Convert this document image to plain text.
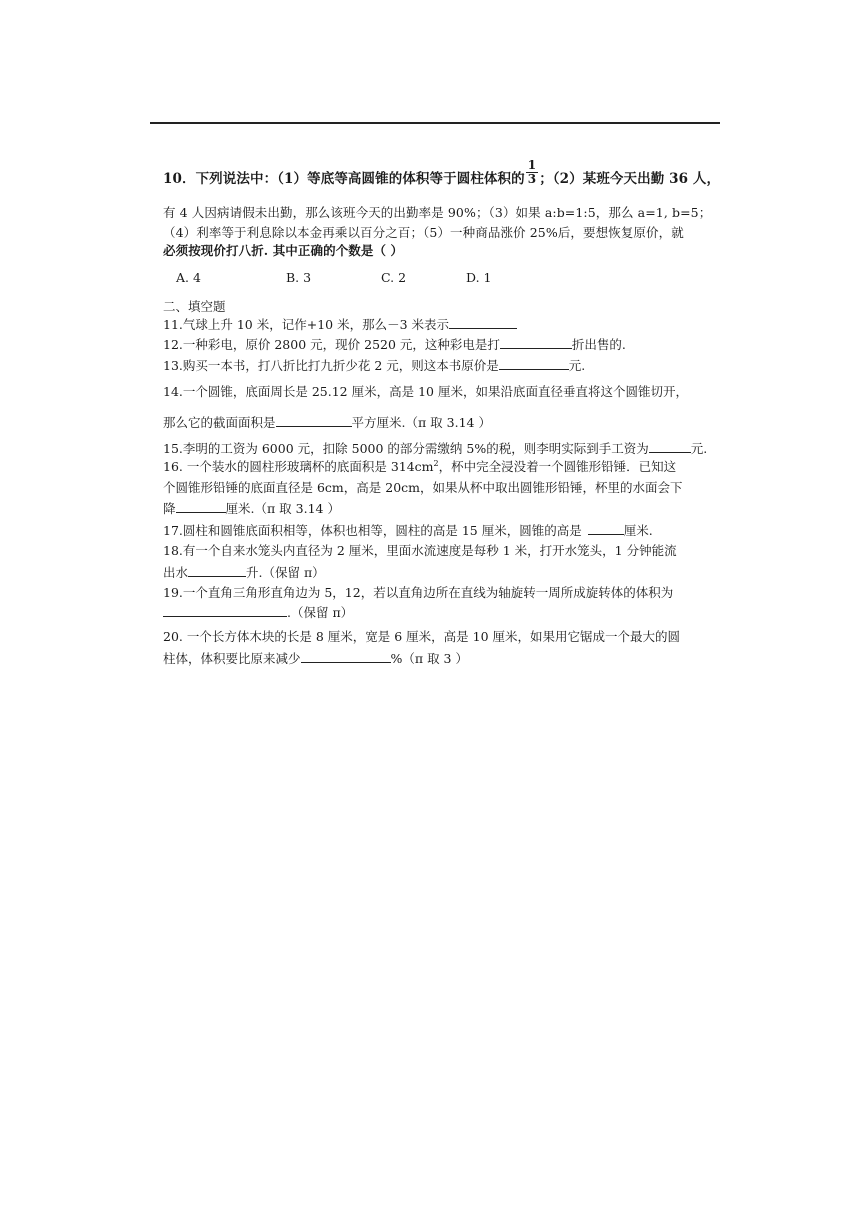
10．下列说法中：（1）等底等高圆锥的体积等于圆柱体积的 $\frac{1}{3}$ ；（2）某班今天出勤 36 人，
有 4 人因病请假未出勤，那么该班今天的出勤率是 90%；（3）如果 a:b=1:5，那么 a=1, b=5；
（4）利率等于利息除以本金再乘以百分之百；（5）一种商品涨价 25%后，要想恢复原价，就
必须按现价打八折. 其中正确的个数是（ ）
A. 4	B. 3	C. 2	D. 1
二、填空题
11.气球上升 10 米，记作+10 米，那么－3 米表示
12.一种彩电，原价 2800 元，现价 2520 元，这种彩电是打	折出售的.
13.购买一本书，打八折比打九折少花 2 元，则这本书原价是	元.
14.一个圆锥，底面周长是 25.12 厘米，高是 10 厘米，如果沿底面直径垂直将这个圆锥切开，
那么它的截面面积是	平方厘米.（π 取 3.14 ）
15.李明的工资为 6000 元，扣除 5000 的部分需缴纳 5%的税，则李明实际到手工资为	元.
16. 一个装水的圆柱形玻璃杯的底面积是 $314cm^2$，杯中完全浸没着一个圆锥形铅锤．已知这
个圆锥形铅锤的底面直径是 6cm，高是 20cm，如果从杯中取出圆锥形铅锤，杯里的水面会下
降	厘米.（π 取 3.14 ）
17.圆柱和圆锥底面积相等，体积也相等，圆柱的高是 15 厘米，圆锥的高是	厘米.
18.有一个自来水笼头内直径为 2 厘米，里面水流速度是每秒 1 米，打开水笼头，1 分钟能流
出水	升.（保留 π）
19.一个直角三角形直角边为 5，12，若以直角边所在直线为轴旋转一周所成旋转体的体积为
.（保留 π）
20. 一个长方体木块的长是 8 厘米，宽是 6 厘米，高是 10 厘米，如果用它锯成一个最大的圆
柱体，体积要比原来减少	%（π 取 3 ）
